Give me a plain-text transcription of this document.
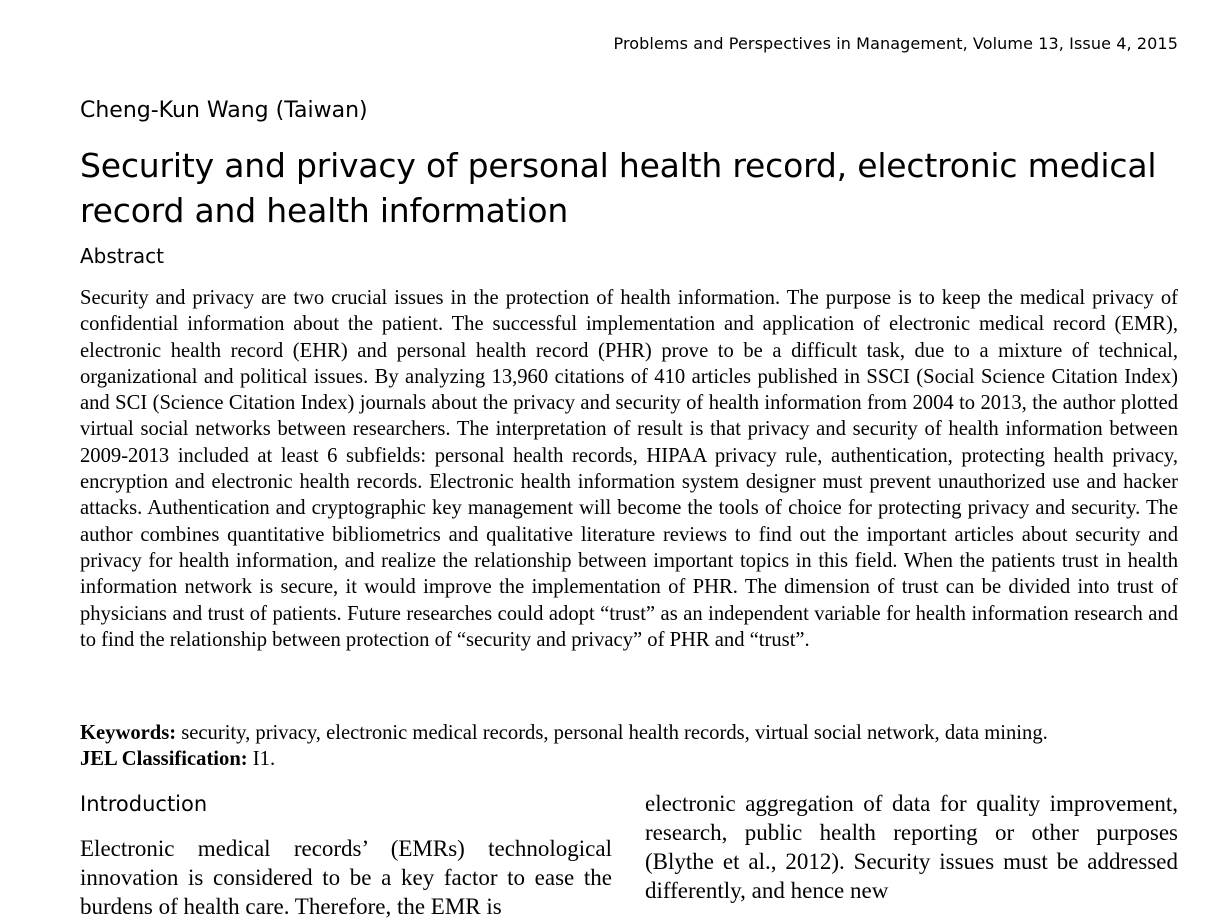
Problems and Perspectives in Management, Volume 13, Issue 4, 2015
Cheng-Kun Wang (Taiwan)
Security and privacy of personal health record, electronic medical record and health information
Abstract

Security and privacy are two crucial issues in the protection of health information. The purpose is to keep the medical privacy of confidential information about the patient. The successful implementation and application of electronic medical record (EMR), electronic health record (EHR) and personal health record (PHR) prove to be a difficult task, due to a mixture of technical, organizational and political issues. By analyzing 13,960 citations of 410 articles published in SSCI (Social Science Citation Index) and SCI (Science Citation Index) journals about the privacy and security of health information from 2004 to 2013, the author plotted virtual social networks between researchers. The interpretation of result is that privacy and security of health information between 2009-2013 included at least 6 subfields: personal health records, HIPAA privacy rule, authentication, protecting health privacy, encryption and electronic health records. Electronic health information system designer must prevent unauthorized use and hacker attacks. Authentication and cryptographic key management will become the tools of choice for protecting privacy and security. The author combines quantitative bibliometrics and qualitative literature reviews to find out the important articles about security and privacy for health information, and realize the relationship between important topics in this field. When the patients trust in health information network is secure, it would improve the implementation of PHR. The dimension of trust can be divided into trust of physicians and trust of patients. Future researches could adopt “trust” as an independent variable for health information research and to find the relationship between protection of “security and privacy” of PHR and “trust”.

Keywords: security, privacy, electronic medical records, personal health records, virtual social network, data mining.
JEL Classification: I1.
Introduction

Electronic medical records’ (EMRs) technological innovation is considered to be a key factor to ease the burdens of health care. Therefore, the EMR is

electronic aggregation of data for quality improvement, research, public health reporting or other purposes (Blythe et al., 2012). Security issues must be addressed differently, and hence new
